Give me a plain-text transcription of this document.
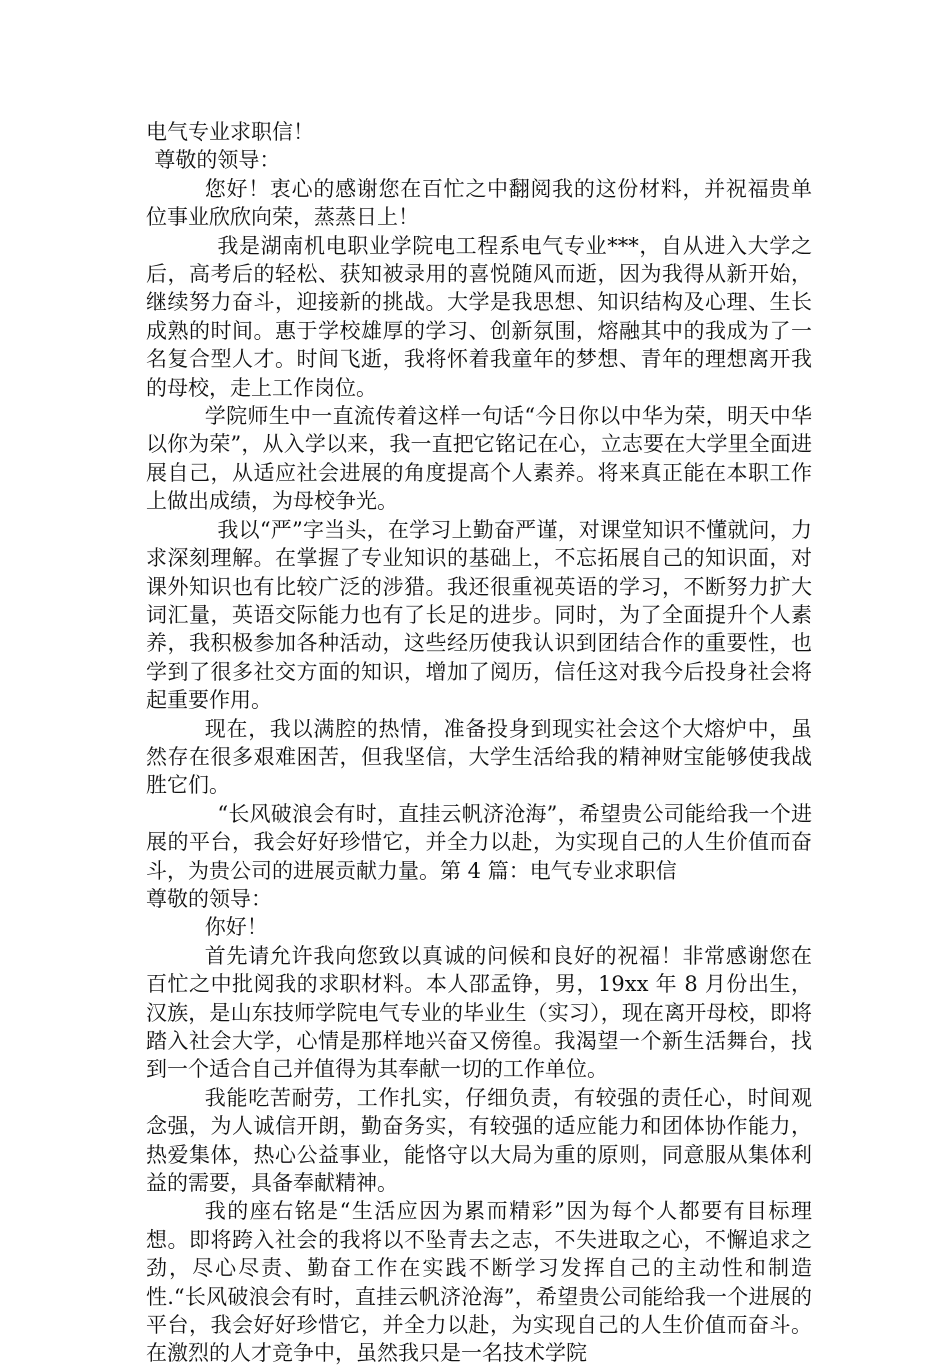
电气专业求职信！

尊敬的领导：

您好！衷心的感谢您在百忙之中翻阅我的这份材料，并祝福贵单位事业欣欣向荣，蒸蒸日上！

我是湖南机电职业学院电工程系电气专业***，自从进入大学之后，高考后的轻松、获知被录用的喜悦随风而逝，因为我得从新开始，继续努力奋斗，迎接新的挑战。大学是我思想、知识结构及心理、生长成熟的时间。惠于学校雄厚的学习、创新氛围，熔融其中的我成为了一名复合型人才。时间飞逝，我将怀着我童年的梦想、青年的理想离开我的母校，走上工作岗位。

学院师生中一直流传着这样一句话“今日你以中华为荣，明天中华以你为荣”，从入学以来，我一直把它铭记在心，立志要在大学里全面进展自己，从适应社会进展的角度提高个人素养。将来真正能在本职工作上做出成绩，为母校争光。

我以“严”字当头，在学习上勤奋严谨，对课堂知识不懂就问，力求深刻理解。在掌握了专业知识的基础上，不忘拓展自己的知识面，对课外知识也有比较广泛的涉猎。我还很重视英语的学习，不断努力扩大词汇量，英语交际能力也有了长足的进步。同时，为了全面提升个人素养，我积极参加各种活动，这些经历使我认识到团结合作的重要性，也学到了很多社交方面的知识，增加了阅历，信任这对我今后投身社会将起重要作用。

现在，我以满腔的热情，准备投身到现实社会这个大熔炉中，虽然存在很多艰难困苦，但我坚信，大学生活给我的精神财宝能够使我战胜它们。

“长风破浪会有时，直挂云帆济沧海”，希望贵公司能给我一个进展的平台，我会好好珍惜它，并全力以赴，为实现自己的人生价值而奋斗，为贵公司的进展贡献力量。第 4 篇：电气专业求职信

尊敬的领导：

你好！

首先请允许我向您致以真诚的问候和良好的祝福！非常感谢您在百忙之中批阅我的求职材料。本人邵孟铮，男，19xx 年 8 月份出生，汉族，是山东技师学院电气专业的毕业生（实习），现在离开母校，即将踏入社会大学，心情是那样地兴奋又傍徨。我渴望一个新生活舞台，找到一个适合自己并值得为其奉献一切的工作单位。

我能吃苦耐劳，工作扎实，仔细负责，有较强的责任心，时间观念强，为人诚信开朗，勤奋务实，有较强的适应能力和团体协作能力，热爱集体，热心公益事业，能恪守以大局为重的原则，同意服从集体利益的需要，具备奉献精神。

我的座右铭是“生活应因为累而精彩”因为每个人都要有目标理想。即将跨入社会的我将以不坠青去之志，不失进取之心，不懈追求之劲，尽心尽责、勤奋工作在实践不断学习发挥自己的主动性和制造性.“长风破浪会有时，直挂云帆济沧海”，希望贵公司能给我一个进展的平台，我会好好珍惜它，并全力以赴，为实现自己的人生价值而奋斗。在激烈的人才竞争中，虽然我只是一名技术学院
